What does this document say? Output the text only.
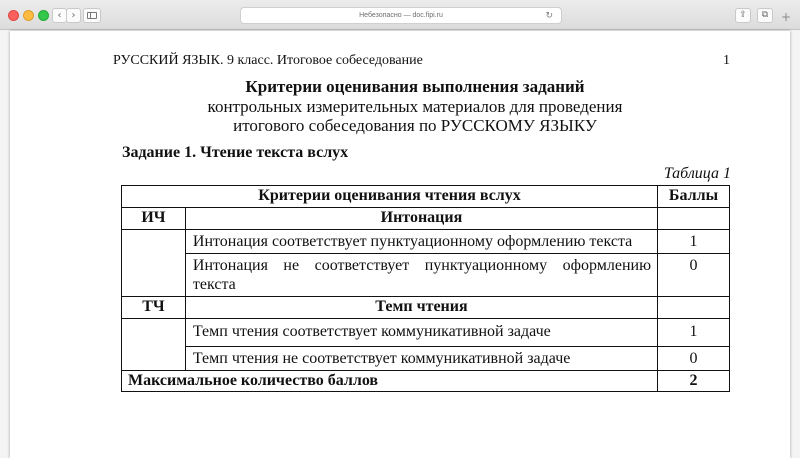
‹	›	Небезопасно — doc.fipi.ru	↻	⇪	⧉	+
РУССКИЙ ЯЗЫК. 9 класс. Итоговое собеседование	1
Критерии оценивания выполнения заданий
контрольных измерительных материалов для проведения
итогового собеседования по РУССКОМУ ЯЗЫКУ
Задание 1. Чтение текста вслух
Таблица 1
Критерии оценивания чтения вслух		Баллы
ИЧ	Интонация	
	Интонация соответствует пунктуационному оформлению текста	1
	Интонация не соответствует пунктуационному оформлению текста	0
ТЧ	Темп чтения	
	Темп чтения соответствует коммуникативной задаче	1
	Темп чтения не соответствует коммуникативной задаче	0
Максимальное количество баллов		2
